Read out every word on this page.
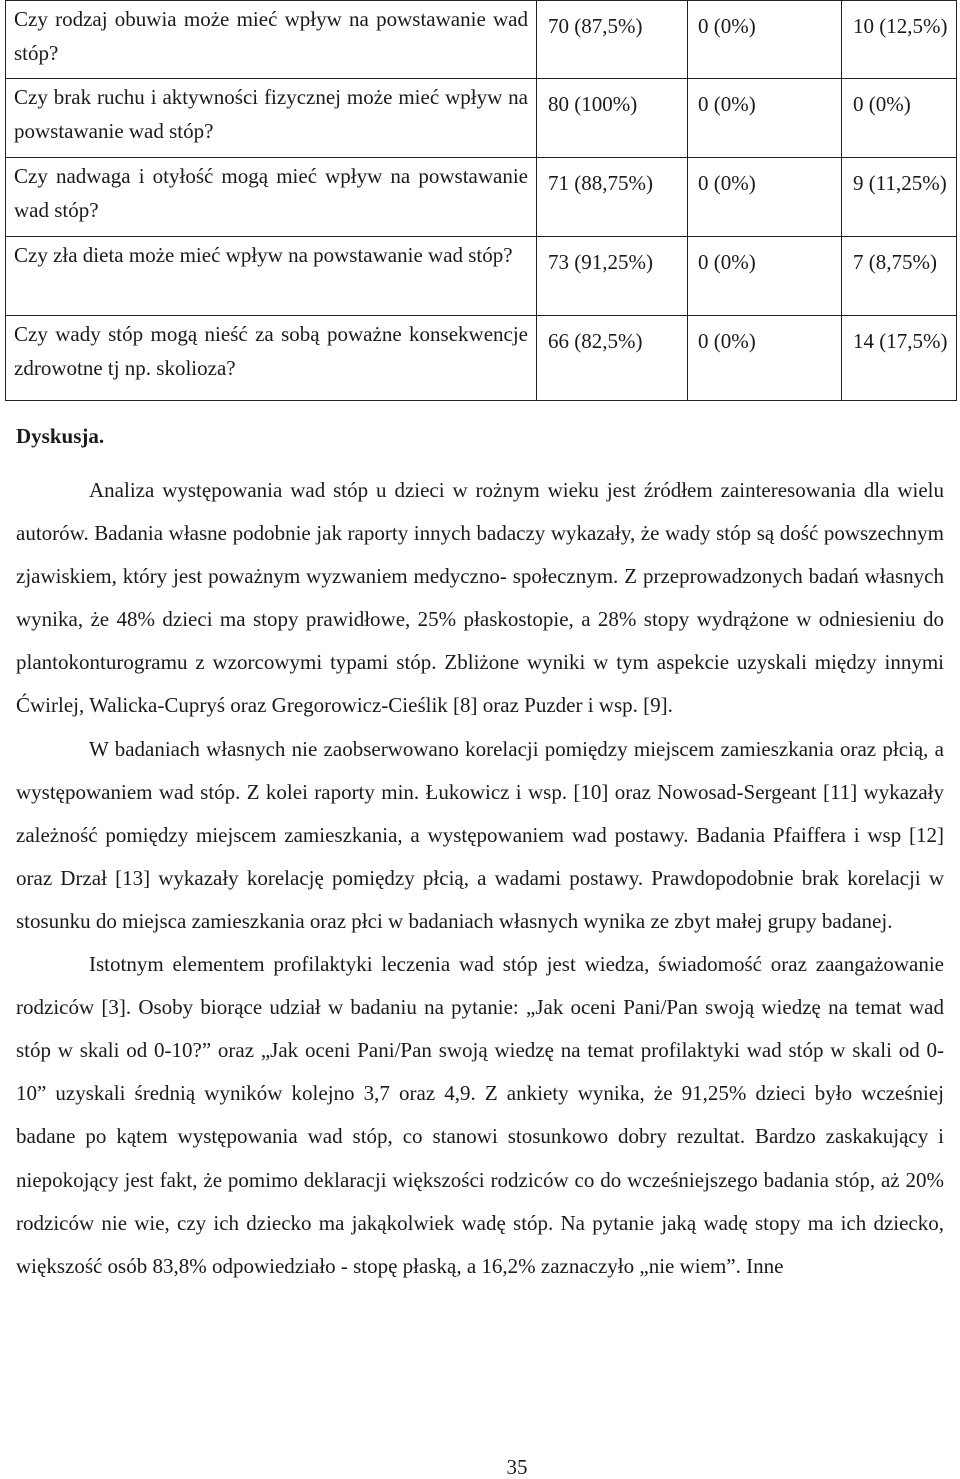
Czy rodzaj obuwia może mieć wpływ na powstawanie wad stóp?	70 (87,5%)	0 (0%)	10 (12,5%)
Czy brak ruchu i aktywności fizycznej może mieć wpływ na powstawanie wad stóp?	80 (100%)	0 (0%)	0 (0%)
Czy nadwaga i otyłość mogą mieć wpływ na powstawanie wad stóp?	71 (88,75%)	0 (0%)	9 (11,25%)
Czy zła dieta może mieć wpływ na powstawanie wad stóp?	73 (91,25%)	0 (0%)	7 (8,75%)
Czy wady stóp mogą nieść za sobą poważne konsekwencje zdrowotne tj np. skolioza?	66 (82,5%)	0 (0%)	14 (17,5%)
Dyskusja.

Analiza występowania wad stóp u dzieci w rożnym wieku jest źródłem zainteresowania dla wielu autorów. Badania własne podobnie jak raporty innych badaczy wykazały, że wady stóp są dość powszechnym zjawiskiem, który jest poważnym wyzwaniem medyczno- społecznym. Z przeprowadzonych badań własnych wynika, że 48% dzieci ma stopy prawidłowe, 25% płaskostopie, a 28% stopy wydrążone w odniesieniu do plantokonturogramu z wzorcowymi typami stóp. Zbliżone wyniki w tym aspekcie uzyskali między innymi Ćwirlej, Walicka-Cupryś oraz Gregorowicz-Cieślik [8] oraz Puzder i wsp. [9].

W badaniach własnych nie zaobserwowano korelacji pomiędzy miejscem zamieszkania oraz płcią, a występowaniem wad stóp. Z kolei raporty min. Łukowicz i wsp. [10] oraz Nowosad-Sergeant [11] wykazały zależność pomiędzy miejscem zamieszkania, a występowaniem wad postawy. Badania Pfaiffera i wsp [12] oraz Drzał [13] wykazały korelację pomiędzy płcią, a wadami postawy. Prawdopodobnie brak korelacji w stosunku do miejsca zamieszkania oraz płci w badaniach własnych wynika ze zbyt małej grupy badanej.

Istotnym elementem profilaktyki leczenia wad stóp jest wiedza, świadomość oraz zaangażowanie rodziców [3]. Osoby biorące udział w badaniu na pytanie: „Jak oceni Pani/Pan swoją wiedzę na temat wad stóp w skali od 0-10?” oraz „Jak oceni Pani/Pan swoją wiedzę na temat profilaktyki wad stóp w skali od 0-10” uzyskali średnią wyników kolejno 3,7 oraz 4,9. Z ankiety wynika, że 91,25% dzieci było wcześniej badane po kątem występowania wad stóp, co stanowi stosunkowo dobry rezultat. Bardzo zaskakujący i niepokojący jest fakt, że pomimo deklaracji większości rodziców co do wcześniejszego badania stóp, aż 20% rodziców nie wie, czy ich dziecko ma jakąkolwiek wadę stóp. Na pytanie jaką wadę stopy ma ich dziecko, większość osób 83,8% odpowiedziało - stopę płaską, a 16,2% zaznaczyło „nie wiem”. Inne

35
